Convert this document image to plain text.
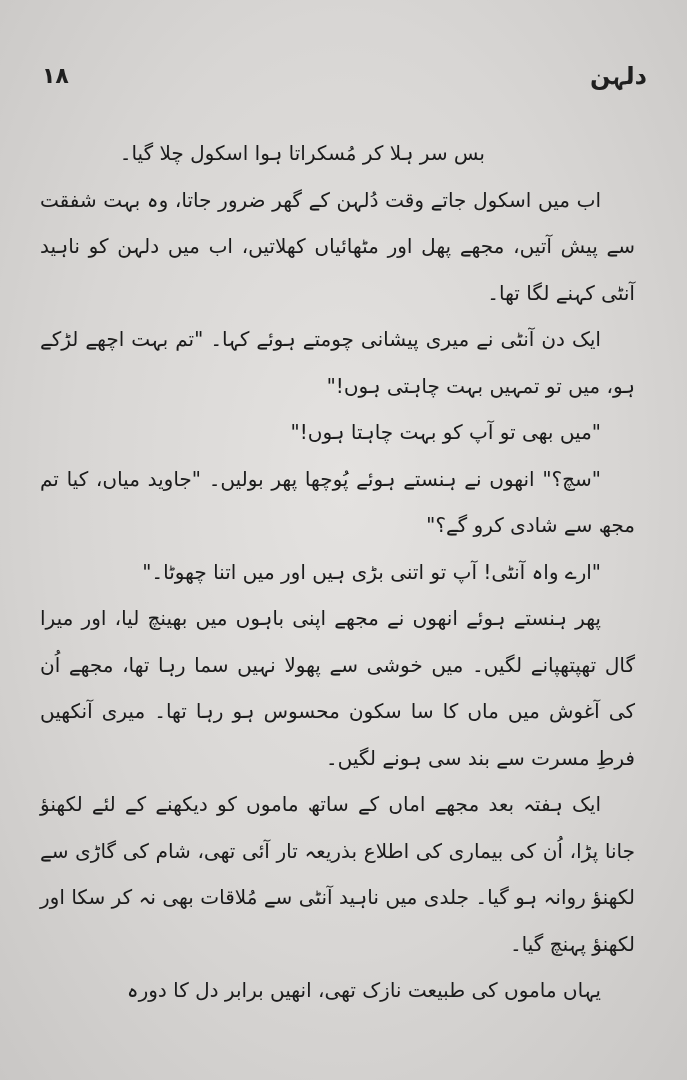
۱۸	دلہن

بس سر ہلا کر مُسکراتا ہوا اسکول چلا گیا۔

اب میں اسکول جاتے وقت دُلہن کے گھر ضرور جاتا، وہ بہت شفقت سے پیش آتیں، مجھے پھل اور مٹھائیاں کھلاتیں، اب میں دلہن کو ناہید آنٹی کہنے لگا تھا۔

ایک دن آنٹی نے میری پیشانی چومتے ہوئے کہا۔ "تم بہت اچھے لڑکے ہو، میں تو تمہیں بہت چاہتی ہوں!"

"میں بھی تو آپ کو بہت چاہتا ہوں!"

"سچ؟" انھوں نے ہنستے ہوئے پُوچھا پھر بولیں۔ "جاوید میاں، کیا تم مجھ سے شادی کرو گے؟"

"ارے واہ آنٹی! آپ تو اتنی بڑی ہیں اور میں اتنا چھوٹا۔"

پھر ہنستے ہوئے انھوں نے مجھے اپنی باہوں میں بھینچ لیا، اور میرا گال تھپتھپانے لگیں۔ میں خوشی سے پھولا نہیں سما رہا تھا، مجھے اُن کی آغوش میں ماں کا سا سکون محسوس ہو رہا تھا۔ میری آنکھیں فرطِ مسرت سے بند سی ہونے لگیں۔

ایک ہفتہ بعد مجھے اماں کے ساتھ ماموں کو دیکھنے کے لئے لکھنؤ جانا پڑا، اُن کی بیماری کی اطلاع بذریعہ تار آئی تھی، شام کی گاڑی سے لکھنؤ روانہ ہو گیا۔ جلدی میں ناہید آنٹی سے مُلاقات بھی نہ کر سکا اور لکھنؤ پہنچ گیا۔

یہاں ماموں کی طبیعت نازک تھی، انھیں برابر دل کا دورہ
